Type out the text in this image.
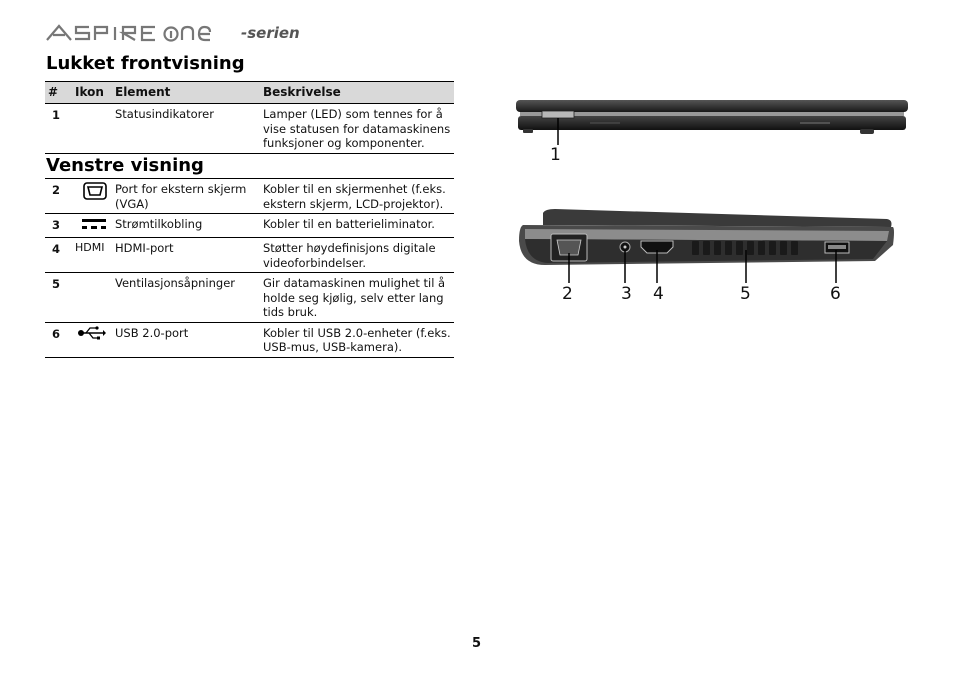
-serien
Lukket frontvisning
#	Ikon	Element	Beskrivelse
1		Statusindikatorer	Lamper (LED) som tennes for å vise statusen for datamaskinens funksjoner og komponenter.
Venstre visning
2		Port for ekstern skjerm (VGA)	Kobler til en skjermenhet (f.eks. ekstern skjerm, LCD-projektor).
3		Strømtilkobling	Kobler til en batterieliminator.
4	HDMI	HDMI-port	Støtter høydefinisjons digitale videoforbindelser.
5		Ventilasjonsåpninger	Gir datamaskinen mulighet til å holde seg kjølig, selv etter lang tids bruk.
6		USB 2.0-port	Kobler til USB 2.0-enheter (f.eks. USB-mus, USB-kamera).
1
2	3 4	5	6
5
